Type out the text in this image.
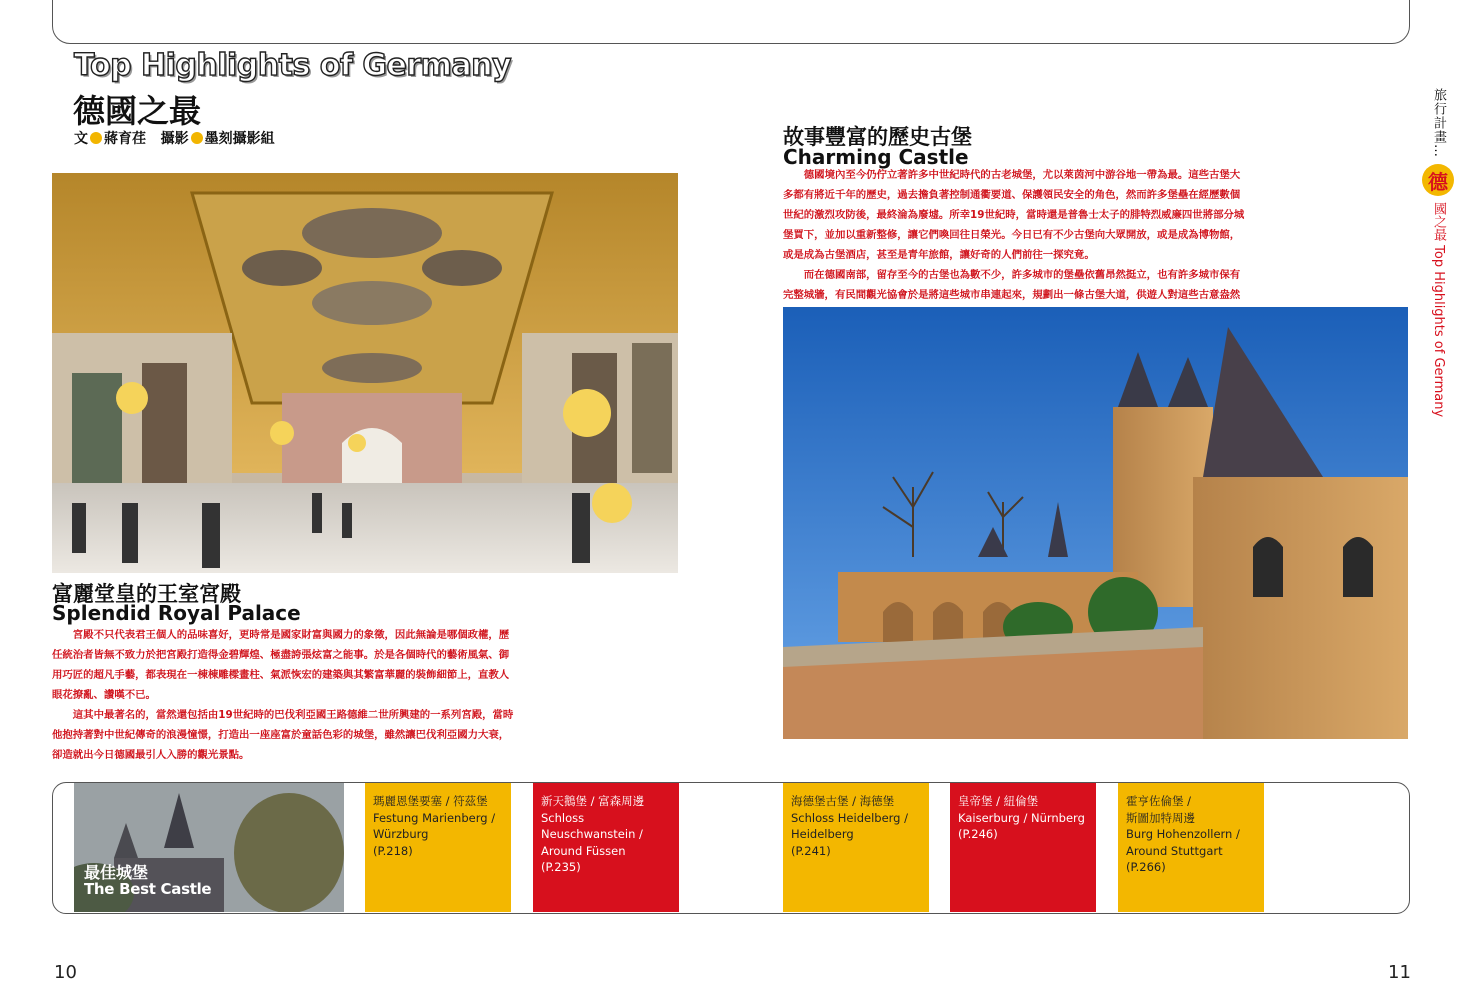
Top Highlights of Germany
德國之最
文 蔣育荏 攝影 墨刻攝影組
富麗堂皇的王室宮殿
Splendid Royal Palace

宮殿不只代表君王個人的品味喜好，更時常是國家財富與國力的象徵，因此無論是哪個政權，歷任統治者皆無不致力於把宮殿打造得金碧輝煌、極盡誇張炫富之能事。於是各個時代的藝術風氣、御用巧匠的超凡手藝，都表現在一棟棟雕樑畫柱、氣派恢宏的建築與其繁富華麗的裝飾細節上，直教人眼花撩亂、讚嘆不已。

這其中最著名的，當然還包括由19世紀時的巴伐利亞國王路德維二世所興建的一系列宮殿，當時他抱持著對中世紀傳奇的浪漫憧憬，打造出一座座富於童話色彩的城堡，雖然讓巴伐利亞國力大衰，卻造就出今日德國最引人入勝的觀光景點。

故事豐富的歷史古堡
Charming Castle

德國境內至今仍佇立著許多中世紀時代的古老城堡，尤以萊茵河中游谷地一帶為最。這些古堡大多都有將近千年的歷史，過去擔負著控制通衢要道、保護領民安全的角色，然而許多堡壘在經歷數個世紀的激烈攻防後，最終淪為廢墟。所幸19世紀時，當時還是普魯士太子的腓特烈威廉四世將部分城堡買下，並加以重新整修，讓它們喚回往日榮光。今日已有不少古堡向大眾開放，或是成為博物館，或是成為古堡酒店，甚至是青年旅館，讓好奇的人們前往一探究竟。

而在德國南部，留存至今的古堡也為數不少，許多城市的堡壘依舊昂然挺立，也有許多城市保有完整城牆，有民間觀光協會於是將這些城市串連起來，規劃出一條古堡大道，供遊人對這些古意盎然

最佳城堡
The Best Castle
瑪麗恩堡要塞 / 符茲堡
Festung Marienberg /
Würzburg

(P.218)
新天鵝堡 / 富森周邊
Schloss Neuschwanstein /
Around Füssen

(P.235)
海德堡古堡 / 海德堡
Schloss Heidelberg /
Heidelberg

(P.241)
皇帝堡 / 紐倫堡
Kaiserburg / Nürnberg

(P.246)
霍亨佐倫堡 /
斯圖加特周邊
Burg Hohenzollern /
Around Stuttgart

(P.266)
旅行計畫…
德
國之最 Top Highlights of Germany
10	11
